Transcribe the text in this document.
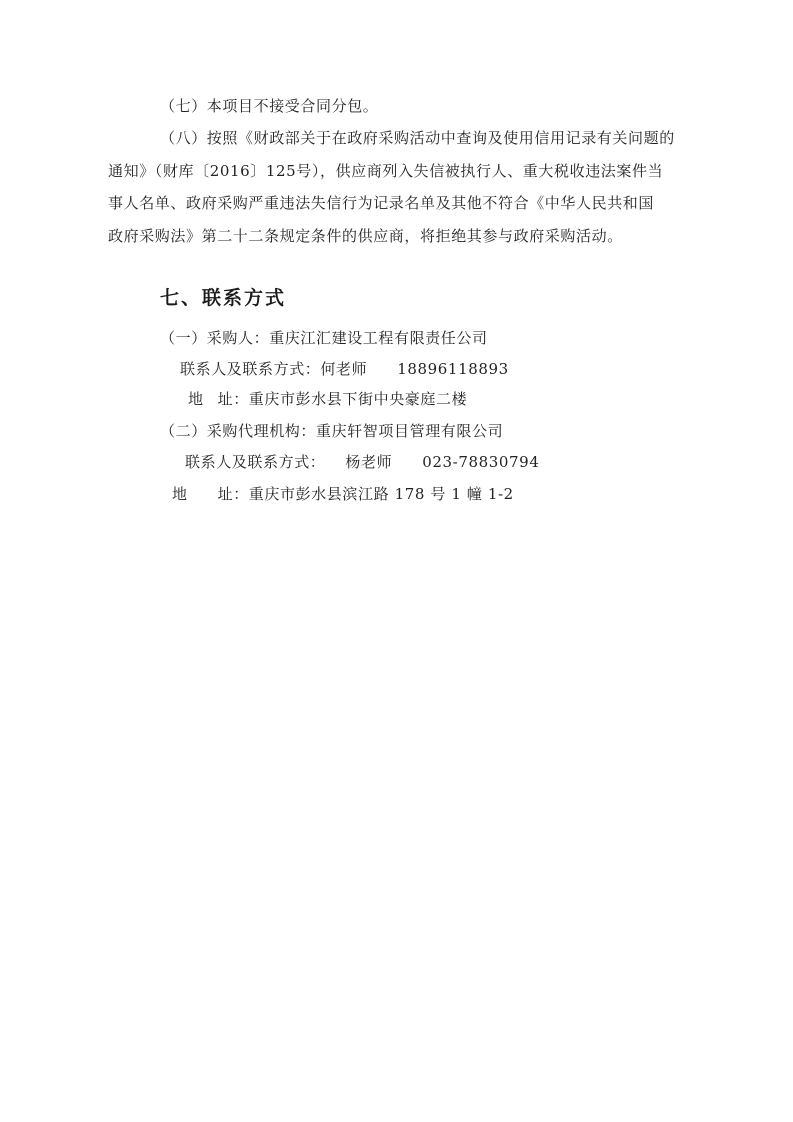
（七）本项目不接受合同分包。
（八）按照《财政部关于在政府采购活动中查询及使用信用记录有关问题的
通知》（财库〔2016〕125号），供应商列入失信被执行人、重大税收违法案件当
事人名单、政府采购严重违法失信行为记录名单及其他不符合《中华人民共和国
政府采购法》第二十二条规定条件的供应商，将拒绝其参与政府采购活动。
七、联系方式
（一）采购人：重庆江汇建设工程有限责任公司
联系人及联系方式：何老师 18896118893
地 址：重庆市彭水县下街中央豪庭二楼
（二）采购代理机构：重庆轩智项目管理有限公司
联系人及联系方式： 杨老师 023-78830794
地 址：重庆市彭水县滨江路 178 号 1 幢 1-2
